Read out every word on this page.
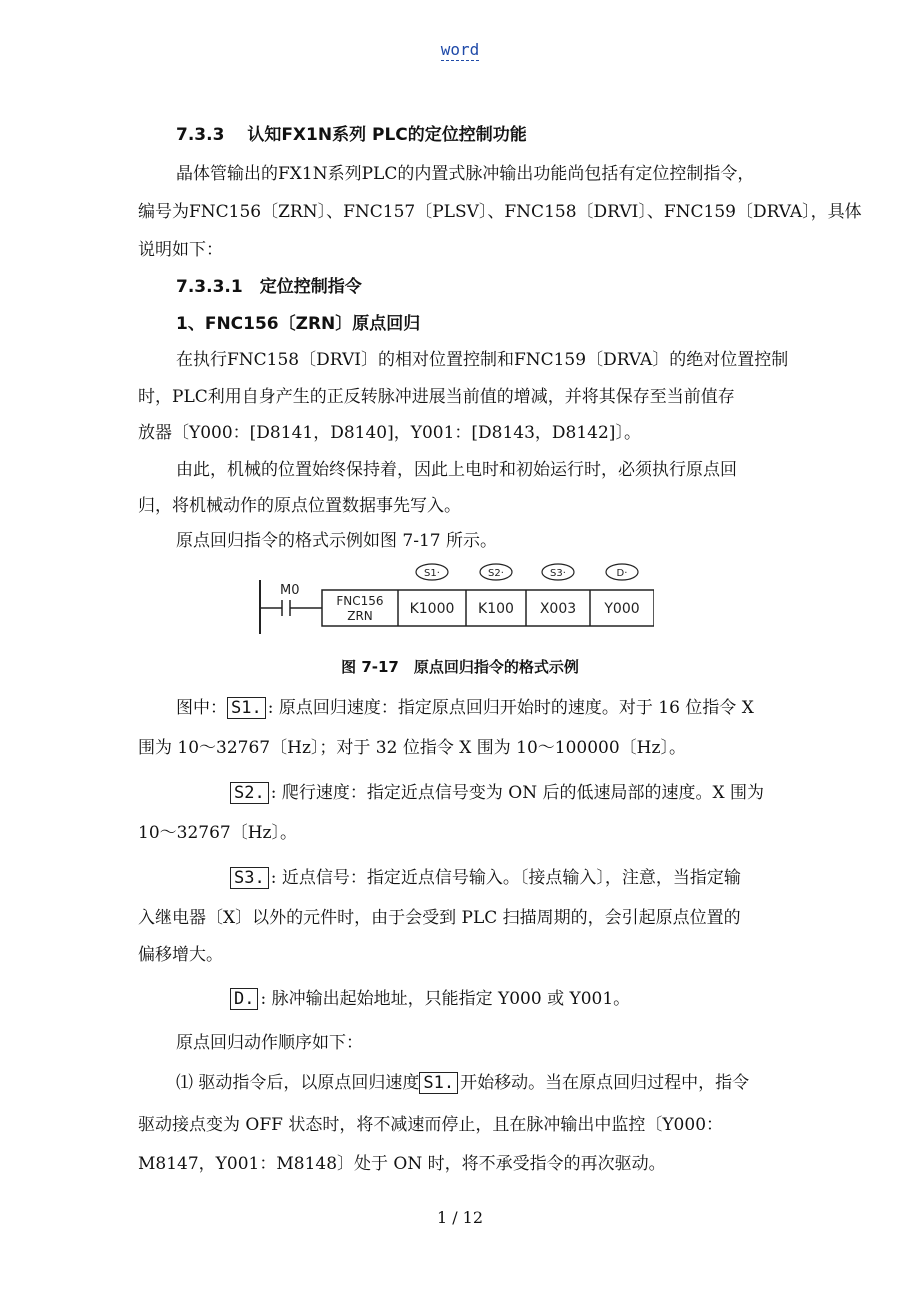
word
7.3.3　 认知FX1N系列 PLC的定位控制功能
晶体管输出的FX1N系列PLC的内置式脉冲输出功能尚包括有定位控制指令，
编号为FNC156〔ZRN〕、FNC157〔PLSV〕、FNC158〔DRVI〕、FNC159〔DRVA〕，具体
说明如下：
7.3.3.1　定位控制指令
1、FNC156〔ZRN〕原点回归
在执行FNC158〔DRVI〕的相对位置控制和FNC159〔DRVA〕的绝对位置控制
时，PLC利用自身产生的正反转脉冲进展当前值的增减，并将其保存至当前值存
放器〔Y000：[D8141，D8140]，Y001：[D8143，D8142]〕。
由此，机械的位置始终保持着，因此上电时和初始运行时，必须执行原点回
归，将机械动作的原点位置数据事先写入。
原点回归指令的格式示例如图 7-17 所示。
M0
FNC156
ZRN	K1000 K100 X003 Y000
S1·	S2·	S3·	D·
图 7-17　原点回归指令的格式示例
图中： S1. : 原点回归速度：指定原点回归开始时的速度。对于 16 位指令 X
围为 10～32767〔Hz〕；对于 32 位指令 X 围为 10～100000〔Hz〕。
S2. : 爬行速度：指定近点信号变为 ON 后的低速局部的速度。X 围为
10～32767〔Hz〕。
S3. : 近点信号：指定近点信号输入。〔接点输入〕，注意，当指定输
入继电器〔X〕以外的元件时，由于会受到 PLC 扫描周期的，会引起原点位置的
偏移增大。
D.: 脉冲输出起始地址，只能指定 Y000 或 Y001。
原点回归动作顺序如下：
⑴ 驱动指令后，以原点回归速度 S1. 开始移动。当在原点回归过程中，指令
驱动接点变为 OFF 状态时，将不减速而停止，且在脉冲输出中监控〔Y000：
M8147，Y001：M8148〕处于 ON 时，将不承受指令的再次驱动。
1 / 12
